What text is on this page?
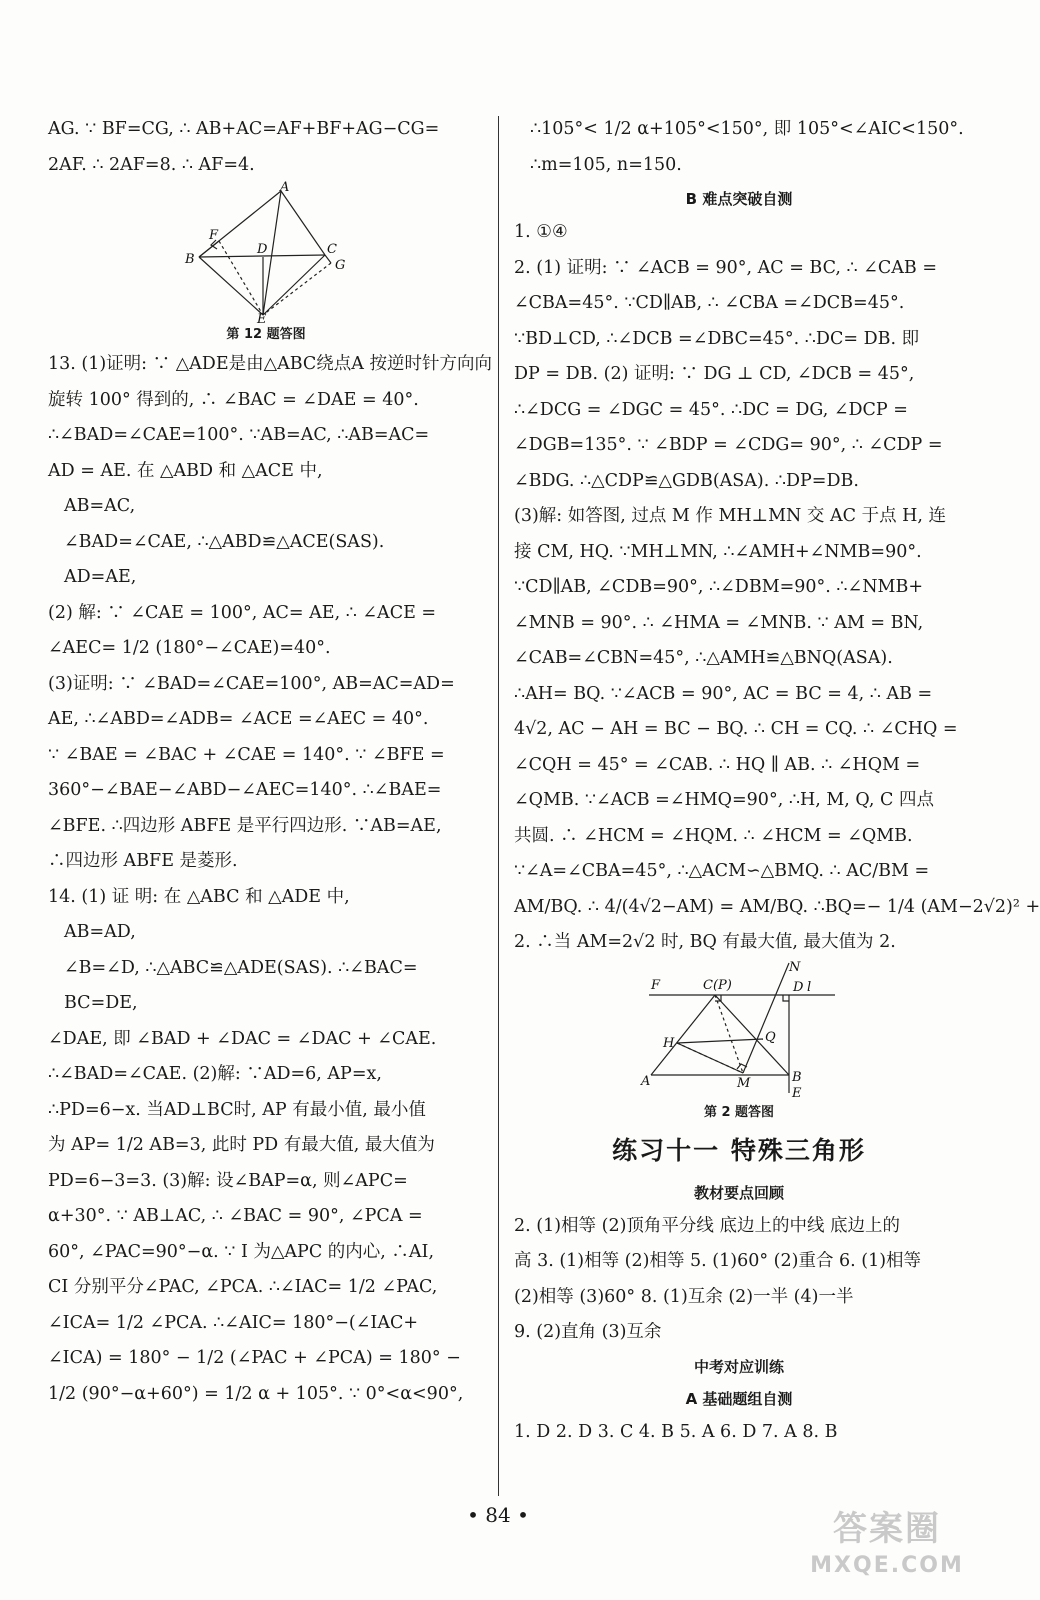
AG. ∵ BF=CG, ∴ AB+AC=AF+BF+AG−CG=
2AF. ∴ 2AF=8. ∴ AF=4.
A
F
B
D	C
G
E
第 12 题答图
13. (1)证明: ∵ △ADE是由△ABC绕点A 按逆时针方向向
旋转 100° 得到的, ∴ ∠BAC = ∠DAE = 40°.
∴∠BAD=∠CAE=100°. ∵AB=AC, ∴AB=AC=
AD = AE. 在 △ABD 和 △ACE 中,
AB=AC,
∠BAD=∠CAE, ∴△ABD≌△ACE(SAS).
AD=AE,
(2) 解: ∵ ∠CAE = 100°, AC= AE, ∴ ∠ACE =
∠AEC= 1/2 (180°−∠CAE)=40°.
(3)证明: ∵ ∠BAD=∠CAE=100°, AB=AC=AD=
AE, ∴∠ABD=∠ADB= ∠ACE =∠AEC = 40°.
∵ ∠BAE = ∠BAC + ∠CAE = 140°. ∵ ∠BFE =
360°−∠BAE−∠ABD−∠AEC=140°. ∴∠BAE=
∠BFE. ∴四边形 ABFE 是平行四边形. ∵AB=AE,
∴四边形 ABFE 是菱形.
14. (1) 证 明: 在 △ABC 和 △ADE 中,
AB=AD,
∠B=∠D, ∴△ABC≌△ADE(SAS). ∴∠BAC=
BC=DE,
∠DAE, 即 ∠BAD + ∠DAC = ∠DAC + ∠CAE.
∴∠BAD=∠CAE. (2)解: ∵AD=6, AP=x,
∴PD=6−x. 当AD⊥BC时, AP 有最小值, 最小值
为 AP= 1/2 AB=3, 此时 PD 有最大值, 最大值为
PD=6−3=3. (3)解: 设∠BAP=α, 则∠APC=
α+30°. ∵ AB⊥AC, ∴ ∠BAC = 90°, ∠PCA =
60°, ∠PAC=90°−α. ∵ I 为△APC 的内心, ∴AI,
CI 分别平分∠PAC, ∠PCA. ∴∠IAC= 1/2 ∠PAC,
∠ICA= 1/2 ∠PCA. ∴∠AIC= 180°−(∠IAC+
∠ICA) = 180° − 1/2 (∠PAC + ∠PCA) = 180° −
1/2 (90°−α+60°) = 1/2 α + 105°. ∵ 0°<α<90°,
∴105°< 1/2 α+105°<150°, 即 105°<∠AIC<150°.
∴m=105, n=150.
B 难点突破自测
1. ①④
2. (1) 证明: ∵ ∠ACB = 90°, AC = BC, ∴ ∠CAB =
∠CBA=45°. ∵CD∥AB, ∴ ∠CBA =∠DCB=45°.
∵BD⊥CD, ∴∠DCB =∠DBC=45°. ∴DC= DB. 即
DP = DB. (2) 证明: ∵ DG ⊥ CD, ∠DCB = 45°,
∴∠DCG = ∠DGC = 45°. ∴DC = DG, ∠DCP =
∠DGB=135°. ∵ ∠BDP = ∠CDG= 90°, ∴ ∠CDP =
∠BDG. ∴△CDP≌△GDB(ASA). ∴DP=DB.
(3)解: 如答图, 过点 M 作 MH⊥MN 交 AC 于点 H, 连
接 CM, HQ. ∵MH⊥MN, ∴∠AMH+∠NMB=90°.
∵CD∥AB, ∠CDB=90°, ∴∠DBM=90°. ∴∠NMB+
∠MNB = 90°. ∴ ∠HMA = ∠MNB. ∵ AM = BN,
∠CAB=∠CBN=45°, ∴△AMH≌△BNQ(ASA).
∴AH= BQ. ∵∠ACB = 90°, AC = BC = 4, ∴ AB =
4√2, AC − AH = BC − BQ. ∴ CH = CQ. ∴ ∠CHQ =
∠CQH = 45° = ∠CAB. ∴ HQ ∥ AB. ∴ ∠HQM =
∠QMB. ∵∠ACB =∠HMQ=90°, ∴H, M, Q, C 四点
共圆. ∴ ∠HCM = ∠HQM. ∴ ∠HCM = ∠QMB.
∵∠A=∠CBA=45°, ∴△ACM∽△BMQ. ∴ AC/BM =
AM/BQ. ∴ 4/(4√2−AM) = AM/BQ. ∴BQ=− 1/4 (AM−2√2)² +
2. ∴当 AM=2√2 时, BQ 有最大值, 最大值为 2.
N
F	C(P)	D l
H	Q
A	M	B
E
第 2 题答图
练习十一 特殊三角形
教材要点回顾
2. (1)相等 (2)顶角平分线 底边上的中线 底边上的
高 3. (1)相等 (2)相等 5. (1)60° (2)重合 6. (1)相等
(2)相等 (3)60° 8. (1)互余 (2)一半 (4)一半
9. (2)直角 (3)互余
中考对应训练
A 基础题组自测
1. D 2. D 3. C 4. B 5. A 6. D 7. A 8. B
• 84 •	答案圈
MXQE.COM
